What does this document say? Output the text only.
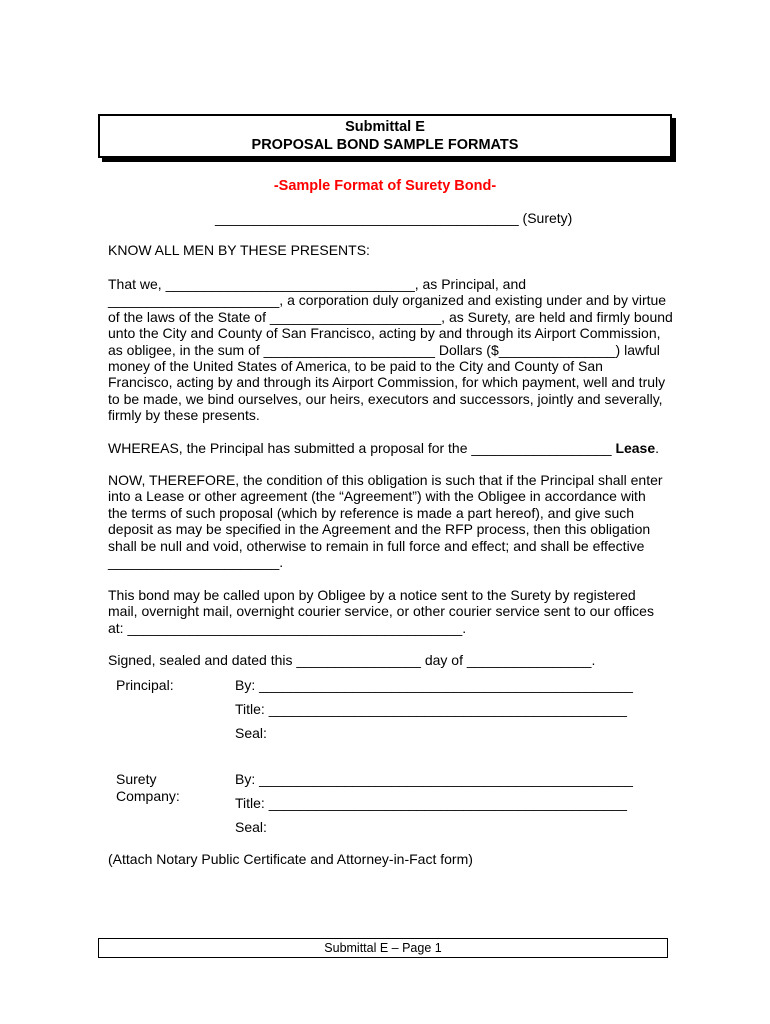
Submittal E
PROPOSAL BOND SAMPLE FORMATS
-Sample Format of Surety Bond-
_______________________________________ (Surety)
KNOW ALL MEN BY THESE PRESENTS:
That we, ________________________________, as Principal, and
______________________, a corporation duly organized and existing under and by virtue
of the laws of the State of ______________________, as Surety, are held and firmly bound
unto the City and County of San Francisco, acting by and through its Airport Commission,
as obligee, in the sum of ______________________ Dollars ($_______________) lawful
money of the United States of America, to be paid to the City and County of San
Francisco, acting by and through its Airport Commission, for which payment, well and truly
to be made, we bind ourselves, our heirs, executors and successors, jointly and severally,
firmly by these presents.
WHEREAS, the Principal has submitted a proposal for the __________________ Lease.
NOW, THEREFORE, the condition of this obligation is such that if the Principal shall enter
into a Lease or other agreement (the “Agreement”) with the Obligee in accordance with
the terms of such proposal (which by reference is made a part hereof), and give such
deposit as may be specified in the Agreement and the RFP process, then this obligation
shall be null and void, otherwise to remain in full force and effect; and shall be effective
______________________.
This bond may be called upon by Obligee by a notice sent to the Surety by registered
mail, overnight mail, overnight courier service, or other courier service sent to our offices
at: ___________________________________________.
Signed, sealed and dated this ________________ day of ________________.
Principal:	By: ________________________________________________
Title: ______________________________________________
Seal:
Surety
Company:
By: ________________________________________________
Title: ______________________________________________
Seal:
(Attach Notary Public Certificate and Attorney-in-Fact form)
Submittal E – Page 1
